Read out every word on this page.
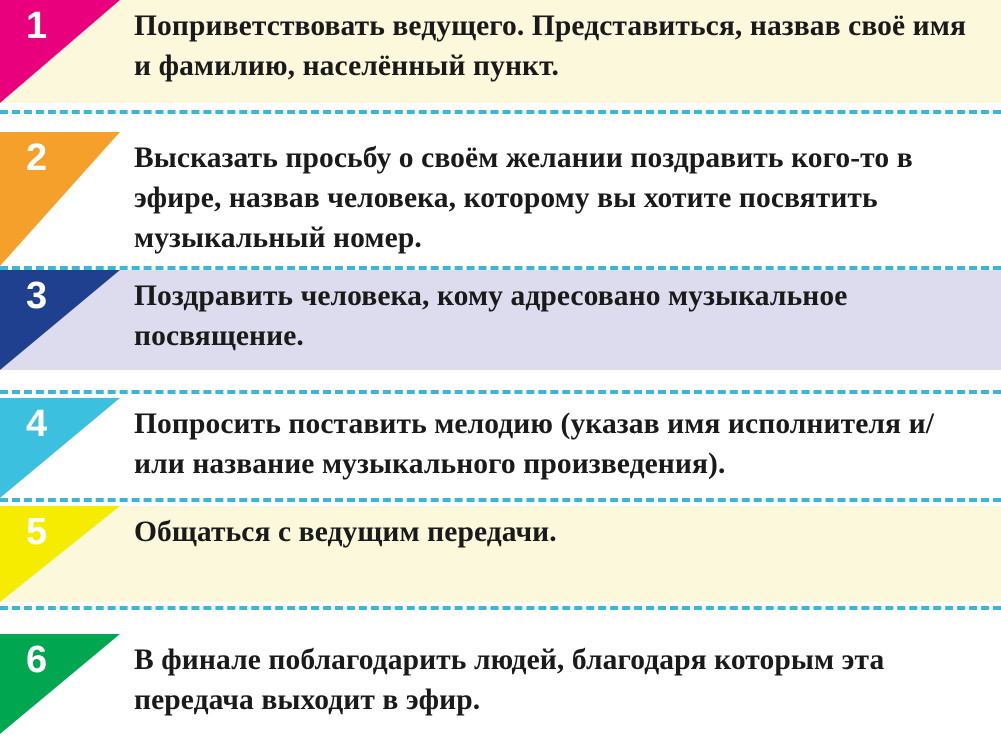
1	Поприветствовать ведущего. Представиться, назвав своё имя и фамилию, населённый пункт.
2	Высказать просьбу о своём желании поздравить кого-то в эфире, назвав человека, которому вы хотите посвятить музыкальный номер.
3	Поздравить человека, кому адресовано музыкальное посвящение.
4	Попросить поставить мелодию (указав имя исполнителя и/или название музыкального произведения).
5	Общаться с ведущим передачи.
6	В финале поблагодарить людей, благодаря которым эта передача выходит в эфир.
